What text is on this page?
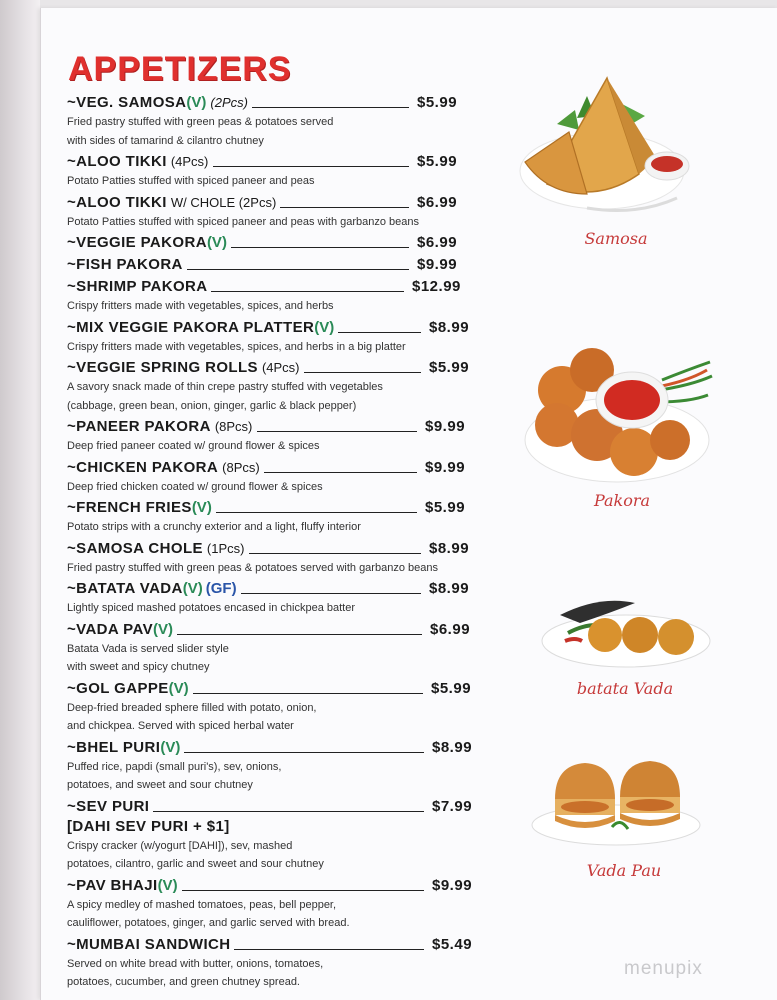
APPETIZERS
~VEG. SAMOSA(V) (2Pcs)	$5.99

Fried pastry stuffed with green peas & potatoes served

with sides of tamarind & cilantro chutney

~ALOO TIKKI (4Pcs)	$5.99

Potato Patties stuffed with spiced paneer and peas

~ALOO TIKKI W/ CHOLE (2Pcs)	$6.99

Potato Patties stuffed with spiced paneer and peas with garbanzo beans

~VEGGIE PAKORA(V)	$6.99
~FISH PAKORA	$9.99
~SHRIMP PAKORA	$12.99

Crispy fritters made with vegetables, spices, and herbs

~MIX VEGGIE PAKORA PLATTER(V)	$8.99

Crispy fritters made with vegetables, spices, and herbs in a big platter

~VEGGIE SPRING ROLLS (4Pcs)	$5.99

A savory snack made of thin crepe pastry stuffed with vegetables

(cabbage, green bean, onion, ginger, garlic & black pepper)

~PANEER PAKORA (8Pcs)	$9.99

Deep fried paneer coated w/ ground flower & spices

~CHICKEN PAKORA (8Pcs)	$9.99

Deep fried chicken coated w/ ground flower & spices

~FRENCH FRIES(V)	$5.99

Potato strips with a crunchy exterior and a light, fluffy interior

~SAMOSA CHOLE (1Pcs)	$8.99

Fried pastry stuffed with green peas & potatoes served with garbanzo beans

~BATATA VADA(V) (GF)	$8.99

Lightly spiced mashed potatoes encased in chickpea batter

~VADA PAV(V)	$6.99

Batata Vada is served slider style

with sweet and spicy chutney

~GOL GAPPE(V)	$5.99

Deep-fried breaded sphere filled with potato, onion,

and chickpea. Served with spiced herbal water

~BHEL PURI(V)	$8.99

Puffed rice, papdi (small puri's), sev, onions,

potatoes, and sweet and sour chutney

~SEV PURI	$7.99
[DAHI SEV PURI + $1]

Crispy cracker (w/yogurt [DAHI]), sev, mashed

potatoes, cilantro, garlic and sweet and sour chutney

~PAV BHAJI(V)	$9.99

A spicy medley of mashed tomatoes, peas, bell pepper,

cauliflower, potatoes, ginger, and garlic served with bread.

~MUMBAI SANDWICH	$5.49

Served on white bread with butter, onions, tomatoes,

potatoes, cucumber, and green chutney spread.

Samosa
Pakora
batata Vada
Vada Pau
menupix
